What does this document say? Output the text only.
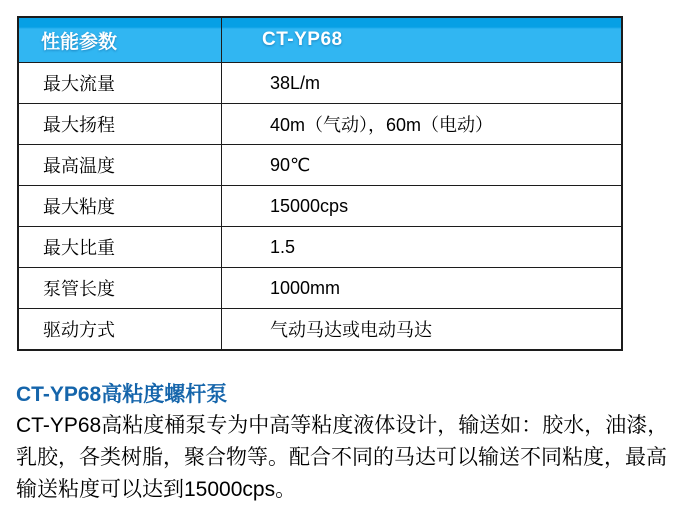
性能参数	CT-YP68
最大流量	38L/m
最大扬程	40m（气动），60m（电动）
最高温度	90℃
最大粘度	15000cps
最大比重	1.5
泵管长度	1000mm
驱动方式	气动马达或电动马达
CT-YP68高粘度螺杆泵

CT-YP68高粘度桶泵专为中高等粘度液体设计，输送如：胶水，油漆，
乳胶，各类树脂，聚合物等。配合不同的马达可以输送不同粘度，最高
输送粘度可以达到15000cps。
